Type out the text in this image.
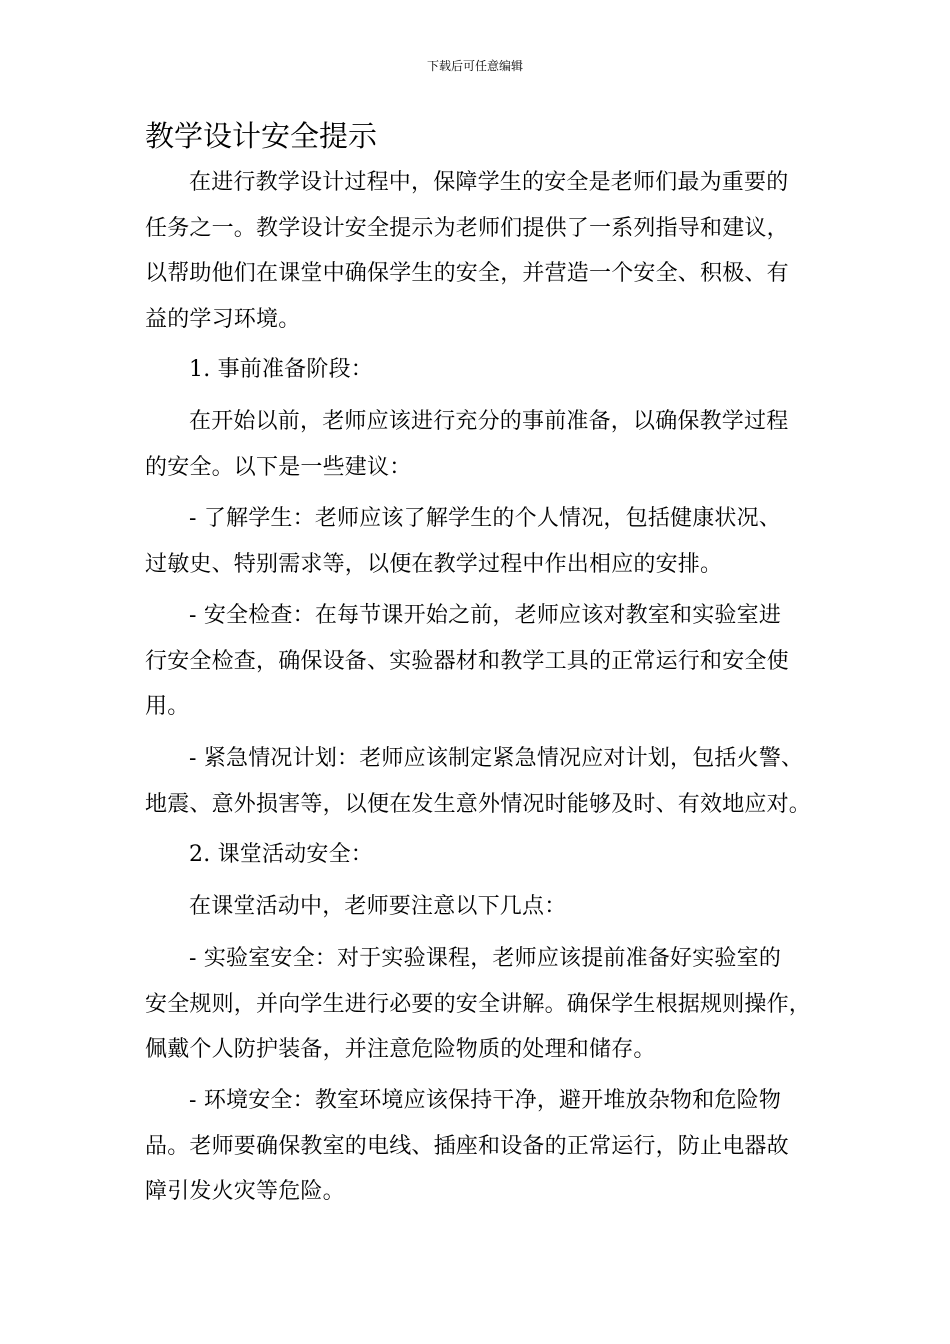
下载后可任意编辑
教学设计安全提示
在进行教学设计过程中，保障学生的安全是老师们最为重要的
任务之一。教学设计安全提示为老师们提供了一系列指导和建议，
以帮助他们在课堂中确保学生的安全，并营造一个安全、积极、有
益的学习环境。
1. 事前准备阶段：
在开始以前，老师应该进行充分的事前准备，以确保教学过程
的安全。以下是一些建议：
- 了解学生：老师应该了解学生的个人情况，包括健康状况、
过敏史、特别需求等，以便在教学过程中作出相应的安排。
- 安全检查：在每节课开始之前，老师应该对教室和实验室进
行安全检查，确保设备、实验器材和教学工具的正常运行和安全使
用。
- 紧急情况计划：老师应该制定紧急情况应对计划，包括火警、
地震、意外损害等，以便在发生意外情况时能够及时、有效地应对。
2. 课堂活动安全：
在课堂活动中，老师要注意以下几点：
- 实验室安全：对于实验课程，老师应该提前准备好实验室的
安全规则，并向学生进行必要的安全讲解。确保学生根据规则操作，
佩戴个人防护装备，并注意危险物质的处理和储存。
- 环境安全：教室环境应该保持干净，避开堆放杂物和危险物
品。老师要确保教室的电线、插座和设备的正常运行，防止电器故
障引发火灾等危险。
